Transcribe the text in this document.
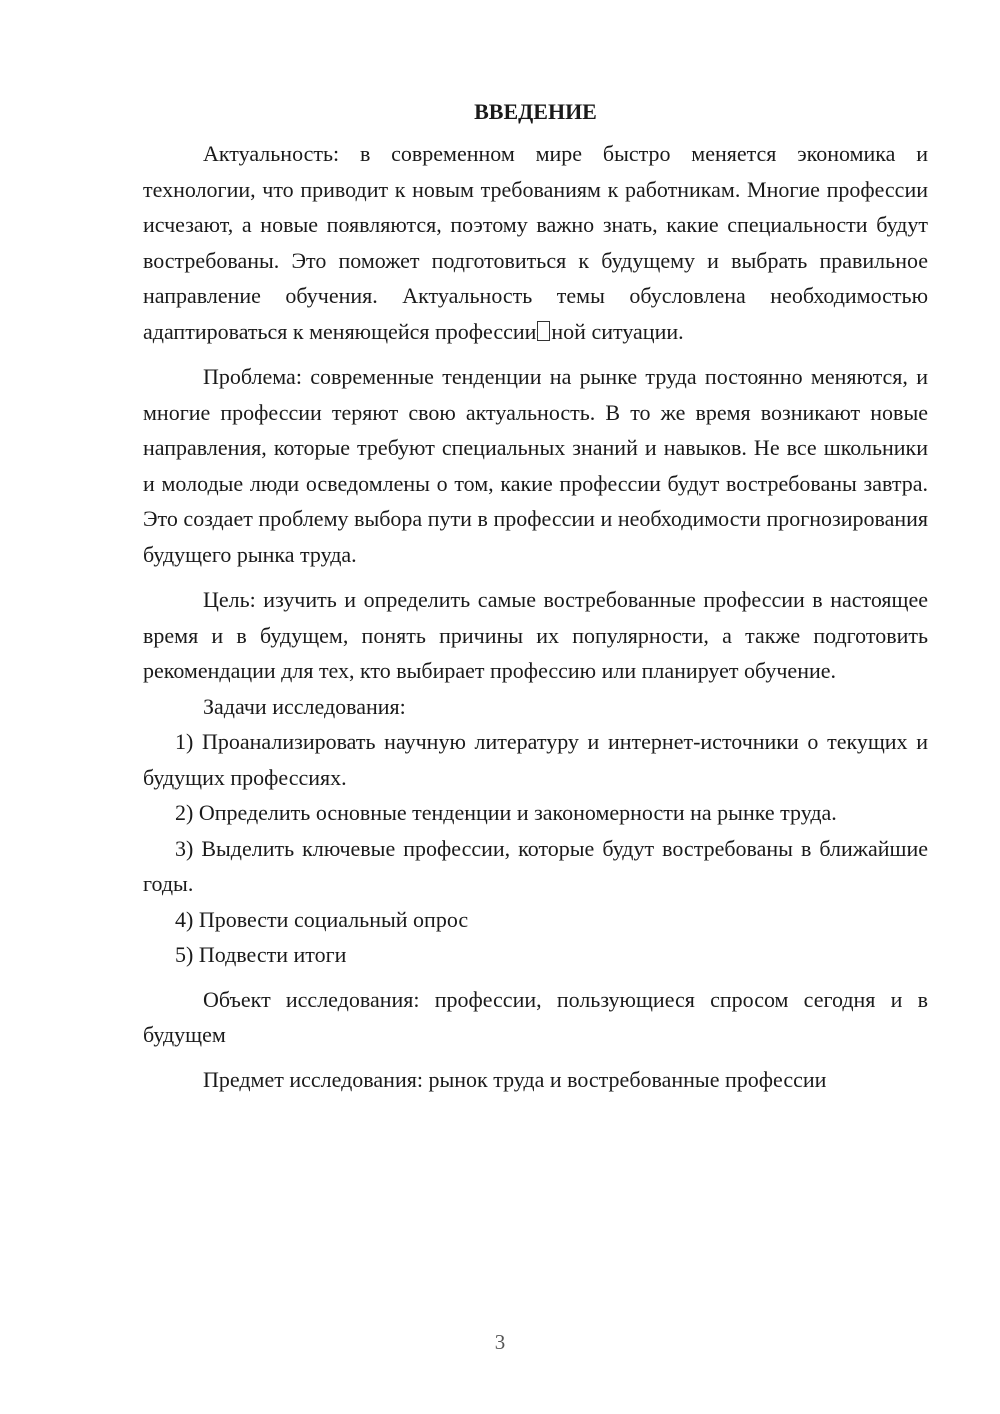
ВВЕДЕНИЕ

Актуальность: в современном мире быстро меняется экономика и технологии, что приводит к новым требованиям к работникам. Многие профессии исчезают, а новые появляются, поэтому важно знать, какие специальности будут востребованы. Это поможет подготовиться к будущему и выбрать правильное направление обучения. Актуальность темы обусловлена необходимостью адаптироваться к меняющейся профессии ной ситуации.

Проблема: современные тенденции на рынке труда постоянно меняются, и многие профессии теряют свою актуальность. В то же время возникают новые направления, которые требуют специальных знаний и навыков. Не все школьники и молодые люди осведомлены о том, какие профессии будут востребованы завтра. Это создает проблему выбора пути в профессии и необходимости прогнозирования будущего рынка труда.

Цель: изучить и определить самые востребованные профессии в настоящее время и в будущем, понять причины их популярности, а также подготовить рекомендации для тех, кто выбирает профессию или планирует обучение.

Задачи исследования:

1) Проанализировать научную литературу и интернет-источники о текущих и будущих профессиях.

2) Определить основные тенденции и закономерности на рынке труда.

3) Выделить ключевые профессии, которые будут востребованы в ближайшие годы.

4) Провести социальный опрос

5) Подвести итоги

Объект исследования: профессии, пользующиеся спросом сегодня и в будущем

Предмет исследования: рынок труда и востребованные профессии

3
